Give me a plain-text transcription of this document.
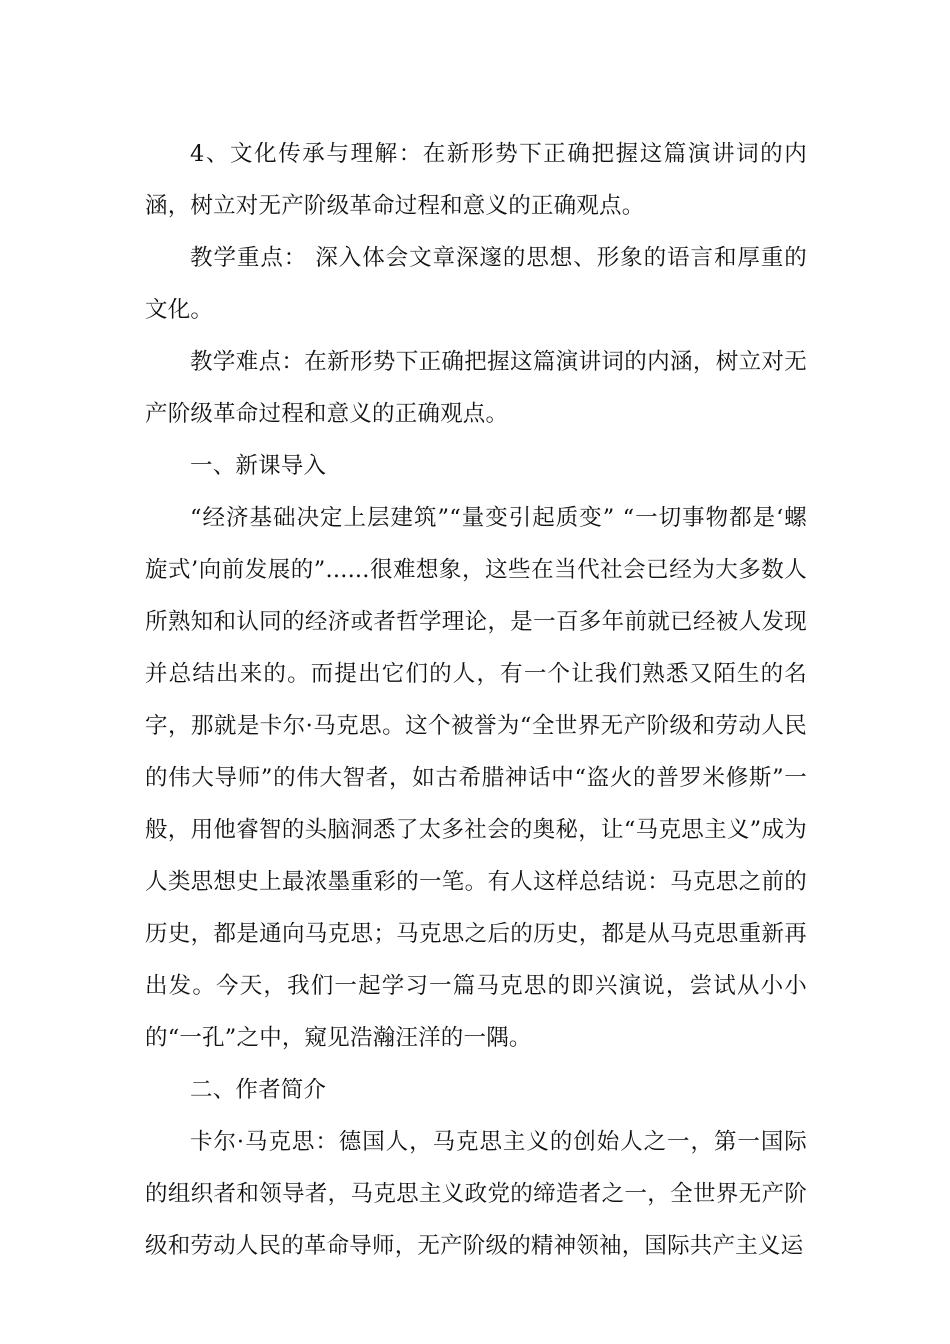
4、文化传承与理解：在新形势下正确把握这篇演讲词的内涵，树立对无产阶级革命过程和意义的正确观点。

教学重点： 深入体会文章深邃的思想、形象的语言和厚重的文化。

教学难点：在新形势下正确把握这篇演讲词的内涵，树立对无产阶级革命过程和意义的正确观点。

一、新课导入

“经济基础决定上层建筑”“量变引起质变” “一切事物都是‘螺旋式’向前发展的”......很难想象，这些在当代社会已经为大多数人所熟知和认同的经济或者哲学理论，是一百多年前就已经被人发现并总结出来的。而提出它们的人，有一个让我们熟悉又陌生的名字，那就是卡尔·马克思。这个被誉为“全世界无产阶级和劳动人民的伟大导师”的伟大智者，如古希腊神话中“盗火的普罗米修斯”一般，用他睿智的头脑洞悉了太多社会的奥秘，让“马克思主义”成为人类思想史上最浓墨重彩的一笔。有人这样总结说：马克思之前的历史，都是通向马克思；马克思之后的历史，都是从马克思重新再出发。今天，我们一起学习一篇马克思的即兴演说，尝试从小小的“一孔”之中，窥见浩瀚汪洋的一隅。

二、作者简介

卡尔·马克思：德国人，马克思主义的创始人之一，第一国际的组织者和领导者，马克思主义政党的缔造者之一，全世界无产阶级和劳动人民的革命导师，无产阶级的精神领袖，国际共产主义运
